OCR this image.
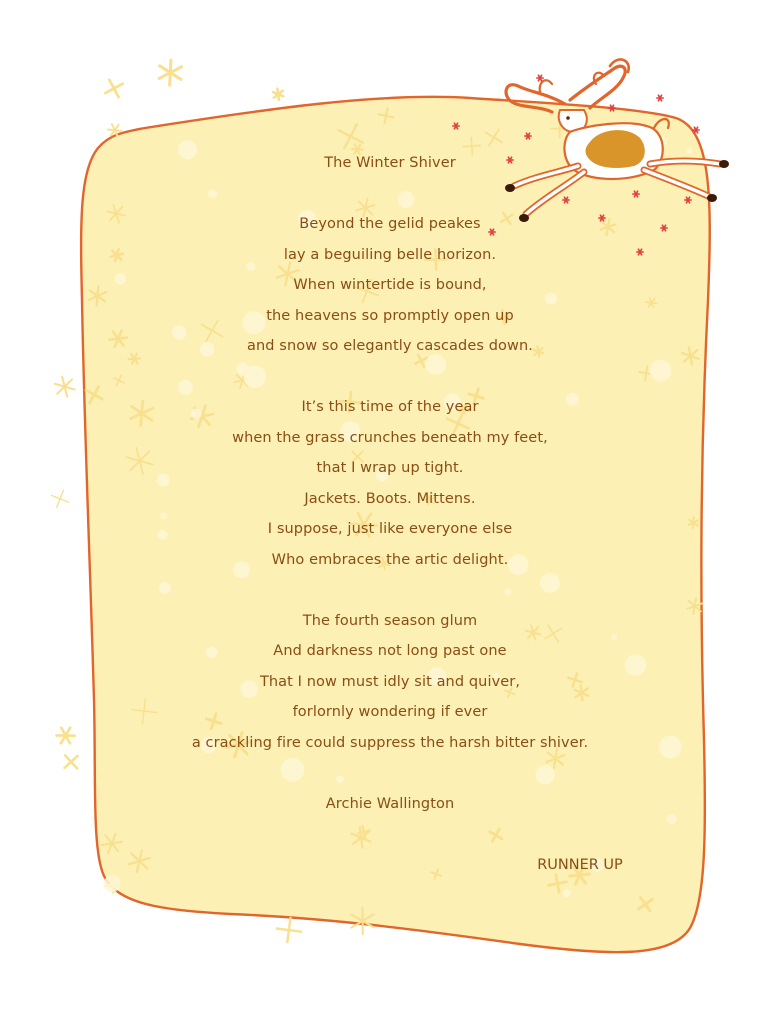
The Winter Shiver
Beyond the gelid peakes
lay a beguiling belle horizon.
When wintertide is bound,
the heavens so promptly open up
and snow so elegantly cascades down.
It’s this time of the year
when the grass crunches beneath my feet,
that I wrap up tight.
Jackets. Boots. Mittens.
I suppose, just like everyone else
Who embraces the artic delight.
The fourth season glum
And darkness not long past one
That I now must idly sit and quiver,
forlornly wondering if ever
a crackling fire could suppress the harsh bitter shiver.
Archie Wallington
RUNNER UP
